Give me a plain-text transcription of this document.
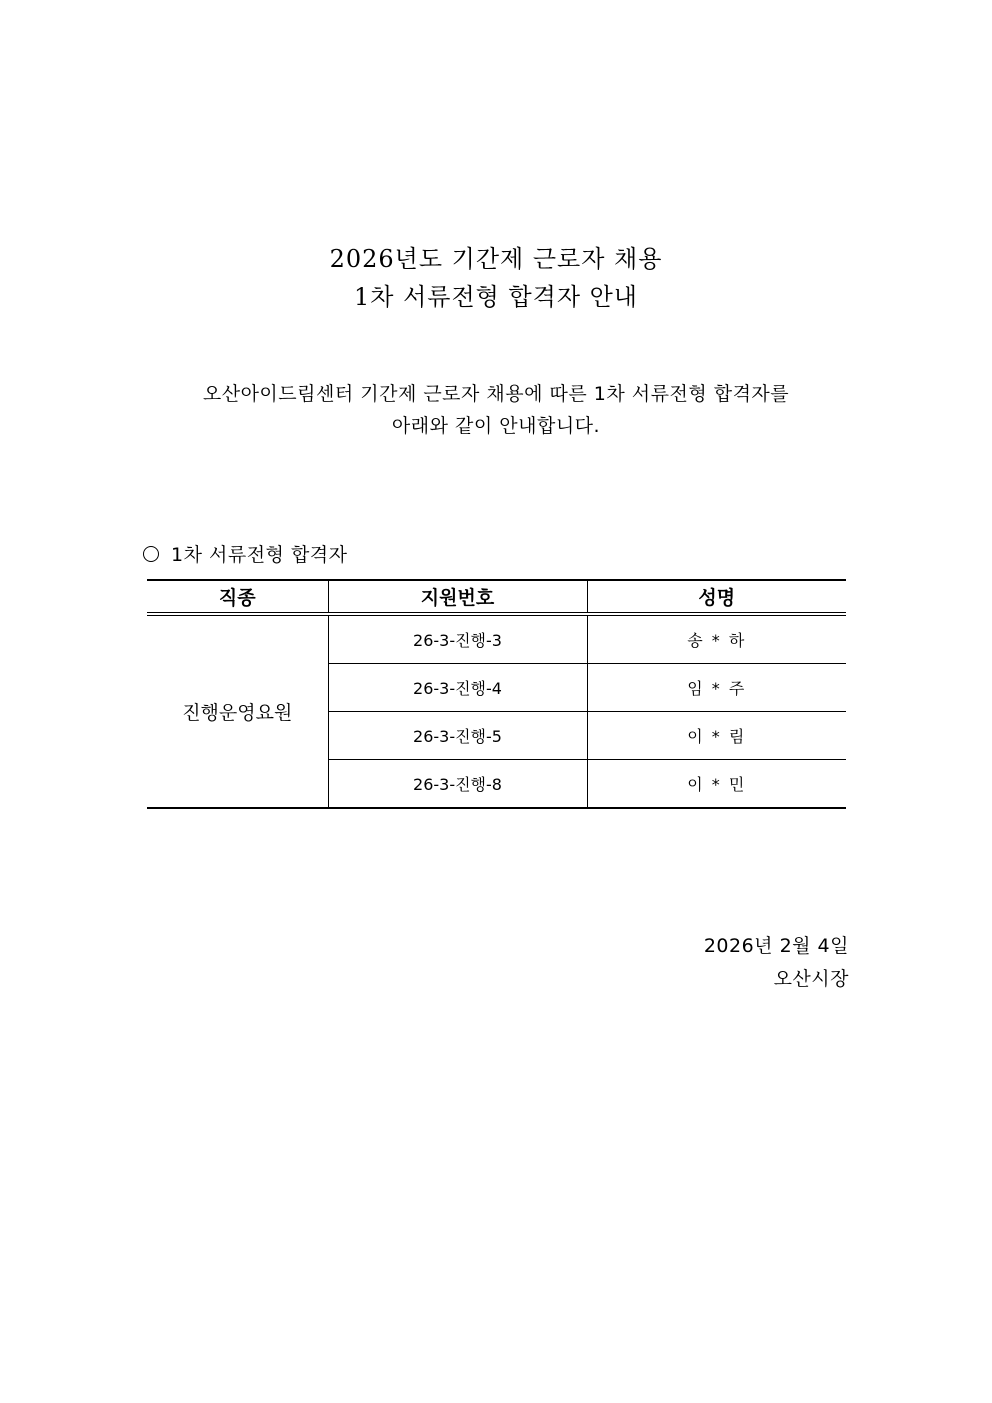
2026년도 기간제 근로자 채용
1차 서류전형 합격자 안내
오산아이드림센터 기간제 근로자 채용에 따른 1차 서류전형 합격자를
아래와 같이 안내합니다.
1차 서류전형 합격자
직종	지원번호	성명
진행운영요원	26-3-진행-3	송 * 하
	26-3-진행-4	임 * 주
	26-3-진행-5	이 * 림
	26-3-진행-8	이 * 민
2026년 2월 4일
오산시장
